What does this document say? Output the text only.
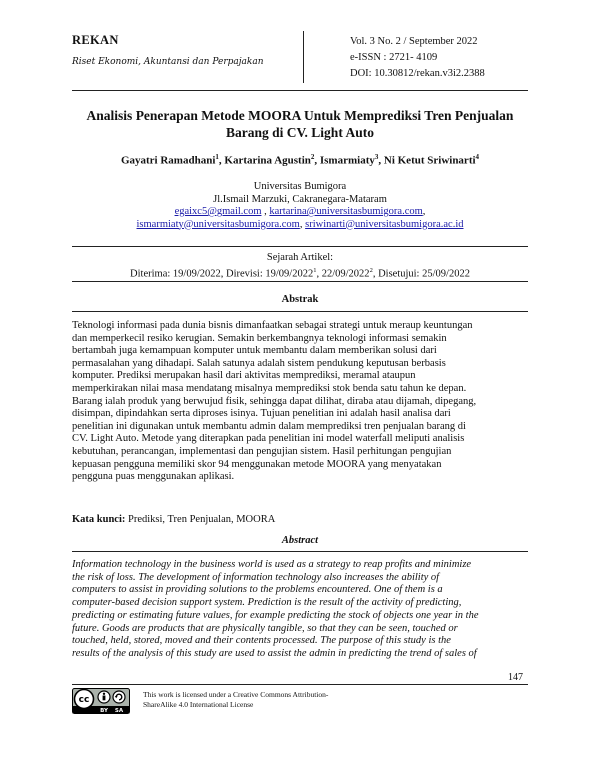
REKAN
Riset Ekonomi, Akuntansi dan Perpajakan
Vol. 3 No. 2 / September 2022
e-ISSN : 2721- 4109
DOI: 10.30812/rekan.v3i2.2388
Analisis Penerapan Metode MOORA Untuk Memprediksi Tren Penjualan
Barang di CV. Light Auto
Gayatri Ramadhani$^1$, Kartarina Agustin$^2$, Ismarmiaty$^3$, Ni Ketut Sriwinarti$^4$
Universitas Bumigora
Jl.Ismail Marzuki, Cakranegara-Mataram
egaixc5@gmail.com , kartarina@universitasbumigora.com,
ismarmiaty@universitasbumigora.com, sriwinarti@universitasbumigora.ac.id
Sejarah Artikel:
Diterima: 19/09/2022, Direvisi: 19/09/2022$^1$, 22/09/2022$^2$, Disetujui: 25/09/2022
Abstrak
Teknologi informasi pada dunia bisnis dimanfaatkan sebagai strategi untuk meraup keuntungan
dan memperkecil resiko kerugian. Semakin berkembangnya teknologi informasi semakin
bertambah juga kemampuan komputer untuk membantu dalam memberikan solusi dari
permasalahan yang dihadapi. Salah satunya adalah sistem pendukung keputusan berbasis
komputer. Prediksi merupakan hasil dari aktivitas memprediksi, meramal ataupun
memperkirakan nilai masa mendatang misalnya memprediksi stok benda satu tahun ke depan.
Barang ialah produk yang berwujud fisik, sehingga dapat dilihat, diraba atau dijamah, dipegang,
disimpan, dipindahkan serta diproses isinya. Tujuan penelitian ini adalah hasil analisa dari
penelitian ini digunakan untuk membantu admin dalam memprediksi tren penjualan barang di
CV. Light Auto. Metode yang diterapkan pada penelitian ini model waterfall meliputi analisis
kebutuhan, perancangan, implementasi dan pengujian sistem. Hasil perhitungan pengujian
kepuasan pengguna memiliki skor 94 menggunakan metode MOORA yang menyatakan
pengguna puas menggunakan aplikasi.
Kata kunci: Prediksi, Tren Penjualan, MOORA
Abstract
Information technology in the business world is used as a strategy to reap profits and minimize
the risk of loss. The development of information technology also increases the ability of
computers to assist in providing solutions to the problems encountered. One of them is a
computer-based decision support system. Prediction is the result of the activity of predicting,
predicting or estimating future values, for example predicting the stock of objects one year in the
future. Goods are products that are physically tangible, so that they can be seen, touched or
touched, held, stored, moved and their contents processed. The purpose of this study is the
results of the analysis of this study are used to assist the admin in predicting the trend of sales of
147
cc
BY SA
This work is licensed under a Creative Commons Attribution-
ShareAlike 4.0 International License
